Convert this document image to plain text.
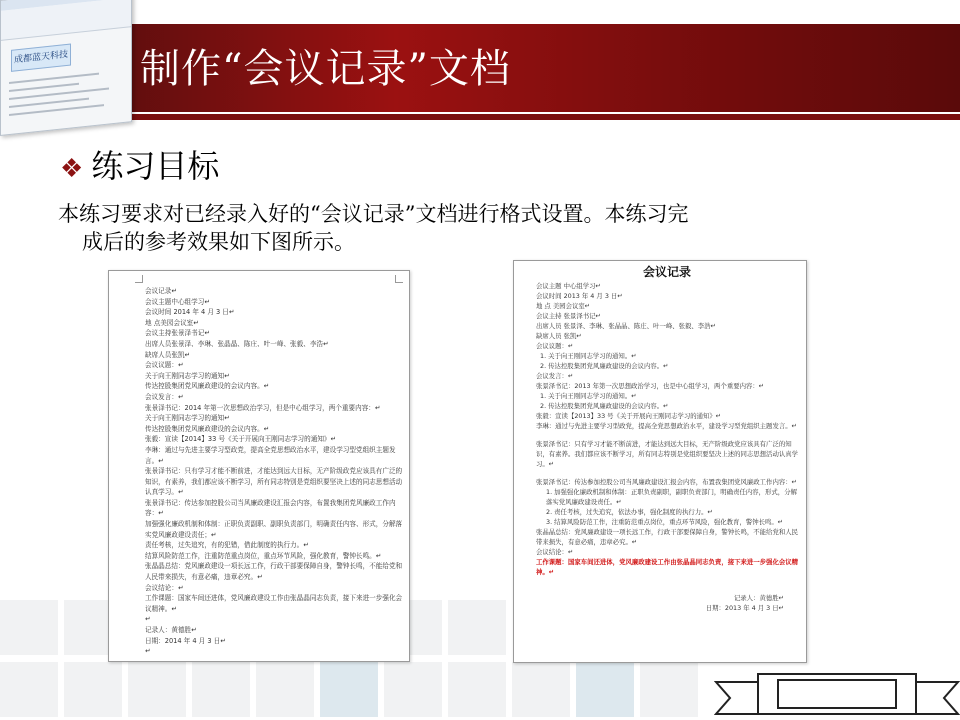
成都蓝天科技 制作“会议记录”文档
❖ 练习目标
本练习要求对已经录入好的“会议记录”文档进行格式设置。本练习完
成后的参考效果如下图所示。
会议记录↵
会议主题中心组学习↵
会议时间 2014 年 4 月 3 日↵
地 点美园会议室↵
会议主持张景泽书记↵
出席人员张景泽、李琳、张晶晶、陈庄、叶一峰、张毅、李浩↵
缺席人员张凯↵
会议议题：↵
关于向王刚同志学习的通知↵
传达控股集团党风廉政建设的会议内容。↵
会议发言：↵
张景泽书记：2014 年第一次思想政治学习，但是中心组学习，两个重要内容：↵
关于向王刚同志学习的通知↵
传达控股集团党风廉政建设的会议内容。↵
张毅：宣读【2014】33 号《关于开展向王刚同志学习的通知》↵
李琳：通过与先进主要学习型政党，提高全党思想政治水平，建设学习型党组织主题发言。↵
张景泽书记：只有学习才能不断前进，才能达到远大目标，无产阶级政党应该具有广泛的知识，有素养，我们都应该不断学习，所有同志特别是党组织要坚决上述的同志思想活动认真学习。↵
张景泽书记：传达参加控股公司当风廉政建设汇报会内容，布置我集团党风廉政工作内容：↵
加强强化廉政机制和体制：正职负责副职、副职负责部门，明确责任内容、形式，分解落实党风廉政建设责任；↵
责任考核，过失追究，有的犯错，借此制度的执行力。↵
结算风险防范工作，注重防范重点岗位，重点环节风险，强化教育，警钟长鸣。↵
张晶晶总结：党风廉政建设一项长远工作，行政干部要保障自身，警钟长鸣，不能给党和人民带来损失，有意必痛，违章必究。↵
会议结论：↵
工作课题：国家车间还进体，党风廉政建设工作由张晶晶同志负责，接下来进一步强化会议精神。↵
↵
记录人：黄德胜↵
日期：2014 年 4 月 3 日↵
↵
会议记录
会议主题 中心组学习↵
会议时间 2013 年 4 月 3 日↵
地 点 美园会议室↵
会议主持 张景泽书记↵
出席人员 张景泽、李琳、张晶晶、陈庄、叶一峰、张毅、李浩↵
缺席人员 张凯↵
会议议题：↵
1. 关于向王刚同志学习的通知。↵
2. 传达控股集团党风廉政建设的会议内容。↵
会议发言：↵
张景泽书记：2013 年第一次思想政治学习，也是中心组学习，两个重要内容：↵
1. 关于向王刚同志学习的通知。↵
2. 传达控股集团党风廉政建设的会议内容。↵
张毅：宣读【2013】33 号《关于开展向王刚同志学习的通知》↵
李琳：通过与先进主要学习型政党，提高全党思想政治水平，建设学习型党组织主题发言。↵
张景泽书记：只有学习才能不断前进，才能达到远大目标，无产阶级政党应该具有广泛的知识，有素养。我们都应该不断学习，所有同志特别是党组织要坚决上述的同志思想活动认真学习。↵
张景泽书记：传达参加控股公司当风廉政建设汇报会内容，布置我集团党风廉政工作内容：↵
1. 加强强化廉政机制和体制：正职负责副职，副职负责部门，明确责任内容，形式，分解落实党风廉政建设责任。↵
2. 责任考核，过失追究，依法办事，强化制度的执行力。↵
3. 结算风险防范工作，注重防范重点岗位，重点环节风险，强化教育，警钟长鸣。↵
张晶晶总结：党风廉政建设一项长远工作，行政干部要保障自身，警钟长鸣，不能给党和人民带来损失，有意必痛，违章必究。↵
会议结论：↵
工作课题：国家车间还进体，党风廉政建设工作由张晶晶同志负责，接下来进一步强化会议精神。↵
记录人：黄德胜↵
日期：2013 年 4 月 3 日↵
